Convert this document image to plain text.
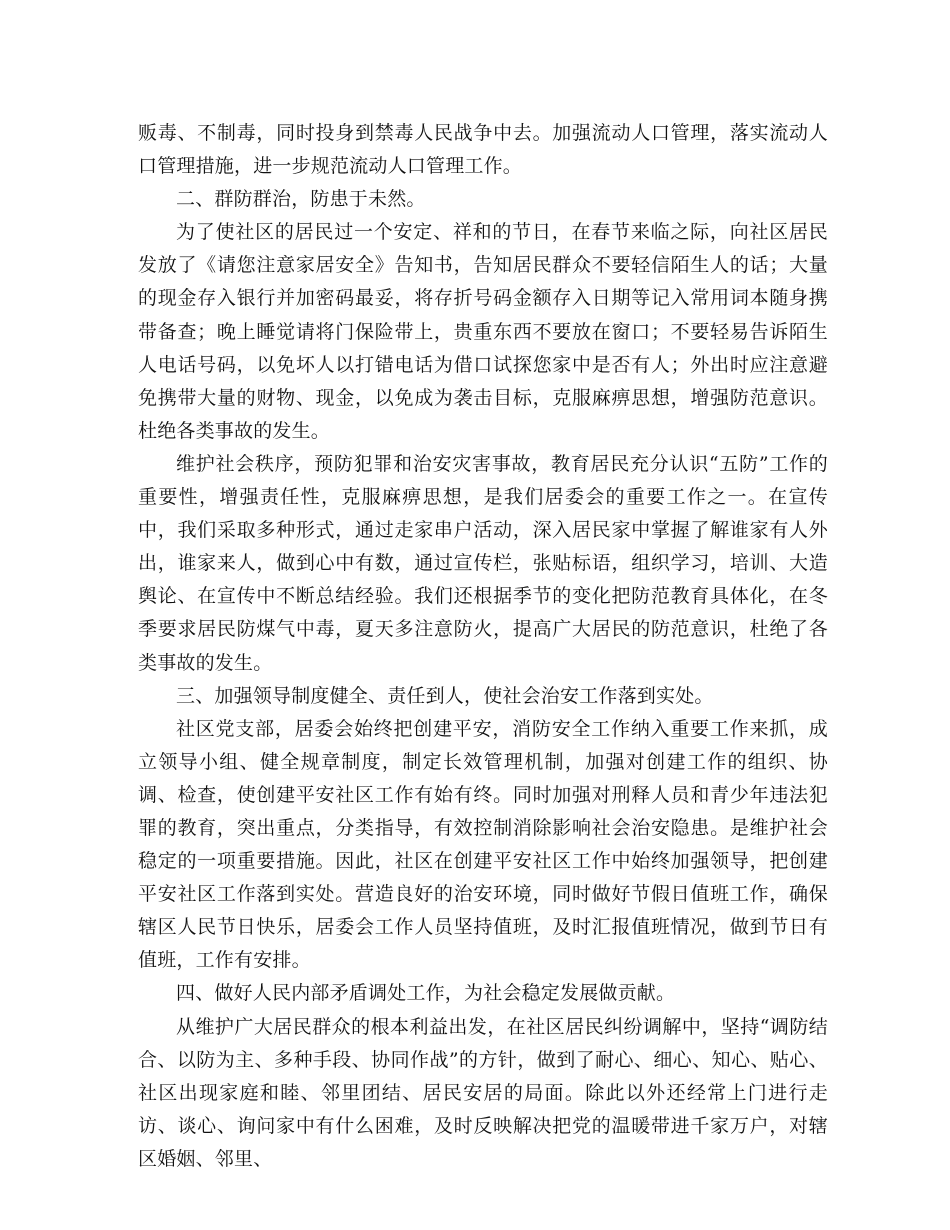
贩毒、不制毒，同时投身到禁毒人民战争中去。加强流动人口管理，落实流动人口管理措施，进一步规范流动人口管理工作。

二、群防群治，防患于未然。

为了使社区的居民过一个安定、祥和的节日，在春节来临之际，向社区居民发放了《请您注意家居安全》告知书，告知居民群众不要轻信陌生人的话；大量的现金存入银行并加密码最妥，将存折号码金额存入日期等记入常用词本随身携带备查；晚上睡觉请将门保险带上，贵重东西不要放在窗口；不要轻易告诉陌生人电话号码，以免坏人以打错电话为借口试探您家中是否有人；外出时应注意避免携带大量的财物、现金，以免成为袭击目标，克服麻痹思想，增强防范意识。杜绝各类事故的发生。

维护社会秩序，预防犯罪和治安灾害事故，教育居民充分认识“五防”工作的重要性，增强责任性，克服麻痹思想，是我们居委会的重要工作之一。在宣传中，我们采取多种形式，通过走家串户活动，深入居民家中掌握了解谁家有人外出，谁家来人，做到心中有数，通过宣传栏，张贴标语，组织学习，培训、大造舆论、在宣传中不断总结经验。我们还根据季节的变化把防范教育具体化，在冬季要求居民防煤气中毒，夏天多注意防火，提高广大居民的防范意识，杜绝了各类事故的发生。

三、加强领导制度健全、责任到人，使社会治安工作落到实处。

社区党支部，居委会始终把创建平安，消防安全工作纳入重要工作来抓，成立领导小组、健全规章制度，制定长效管理机制，加强对创建工作的组织、协调、检查，使创建平安社区工作有始有终。同时加强对刑释人员和青少年违法犯罪的教育，突出重点，分类指导，有效控制消除影响社会治安隐患。是维护社会稳定的一项重要措施。因此，社区在创建平安社区工作中始终加强领导，把创建平安社区工作落到实处。营造良好的治安环境，同时做好节假日值班工作，确保辖区人民节日快乐，居委会工作人员坚持值班，及时汇报值班情况，做到节日有值班，工作有安排。

四、做好人民内部矛盾调处工作，为社会稳定发展做贡献。

从维护广大居民群众的根本利益出发，在社区居民纠纷调解中，坚持“调防结合、以防为主、多种手段、协同作战”的方针，做到了耐心、细心、知心、贴心、社区出现家庭和睦、邻里团结、居民安居的局面。除此以外还经常上门进行走访、谈心、询问家中有什么困难，及时反映解决把党的温暖带进千家万户，对辖区婚姻、邻里、
